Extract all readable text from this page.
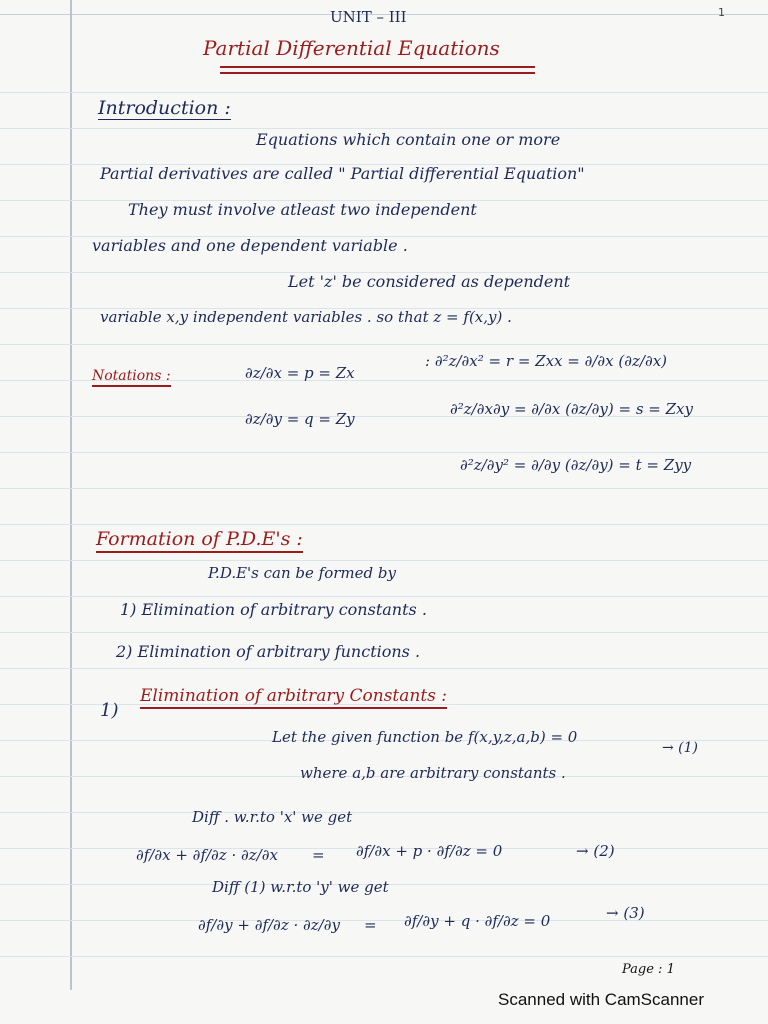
UNIT – III	1
Partial Differential Equations
Introduction :
Equations which contain one or more
Partial derivatives are called " Partial differential Equation"
They must involve atleast two independent
variables and one dependent variable .
Let 'z' be considered as dependent
variable x,y independent variables . so that z = f(x,y) .
Notations :	∂z/∂x = p = Zx
∂z/∂y = q = Zy
: ∂²z/∂x² = r = Zxx = ∂/∂x (∂z/∂x)
∂²z/∂x∂y = ∂/∂x (∂z/∂y) = s = Zxy
∂²z/∂y² = ∂/∂y (∂z/∂y) = t = Zyy
Formation of P.D.E's :
P.D.E's can be formed by
1) Elimination of arbitrary constants .
2) Elimination of arbitrary functions .
1)
Elimination of arbitrary Constants :
Let the given function be f(x,y,z,a,b) = 0
→ (1)
where a,b are arbitrary constants .
Diff . w.r.to 'x' we get
∂f/∂x + ∂f/∂z · ∂z/∂x = ∂f/∂x + p · ∂f/∂z = 0	→ (2)
Diff (1) w.r.to 'y' we get
∂f/∂y + ∂f/∂z · ∂z/∂y = ∂f/∂y + q · ∂f/∂z = 0	→ (3)
Page : 1
Scanned with CamScanner
